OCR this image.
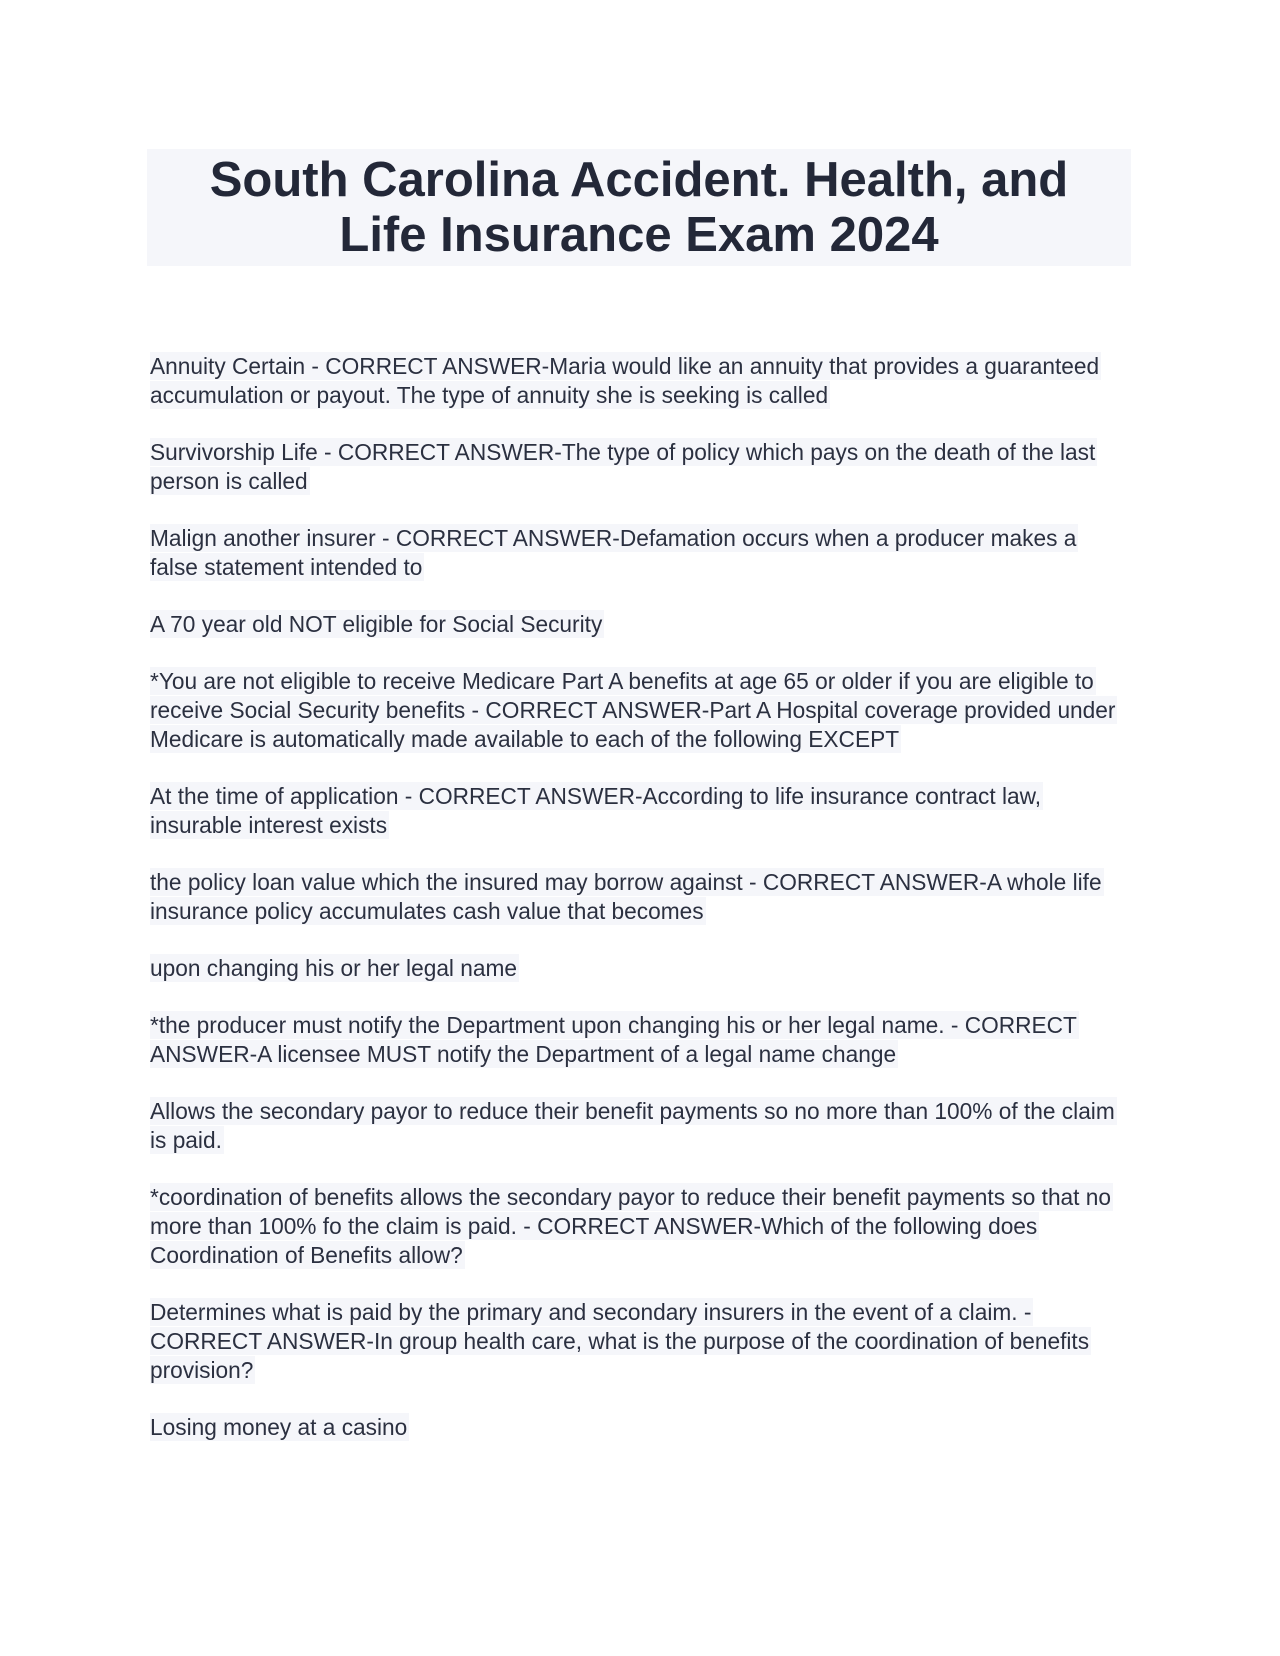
South Carolina Accident. Health, and Life Insurance Exam 2024

Annuity Certain - CORRECT ANSWER-Maria would like an annuity that provides a guaranteed accumulation or payout. The type of annuity she is seeking is called

Survivorship Life - CORRECT ANSWER-The type of policy which pays on the death of the last person is called

Malign another insurer - CORRECT ANSWER-Defamation occurs when a producer makes a false statement intended to

A 70 year old NOT eligible for Social Security

*You are not eligible to receive Medicare Part A benefits at age 65 or older if you are eligible to receive Social Security benefits - CORRECT ANSWER-Part A Hospital coverage provided under Medicare is automatically made available to each of the following EXCEPT

At the time of application - CORRECT ANSWER-According to life insurance contract law, insurable interest exists

the policy loan value which the insured may borrow against - CORRECT ANSWER-A whole life insurance policy accumulates cash value that becomes

upon changing his or her legal name

*the producer must notify the Department upon changing his or her legal name. - CORRECT ANSWER-A licensee MUST notify the Department of a legal name change

Allows the secondary payor to reduce their benefit payments so no more than 100% of the claim is paid.

*coordination of benefits allows the secondary payor to reduce their benefit payments so that no more than 100% fo the claim is paid. - CORRECT ANSWER-Which of the following does Coordination of Benefits allow?

Determines what is paid by the primary and secondary insurers in the event of a claim. - CORRECT ANSWER-In group health care, what is the purpose of the coordination of benefits provision?

Losing money at a casino
